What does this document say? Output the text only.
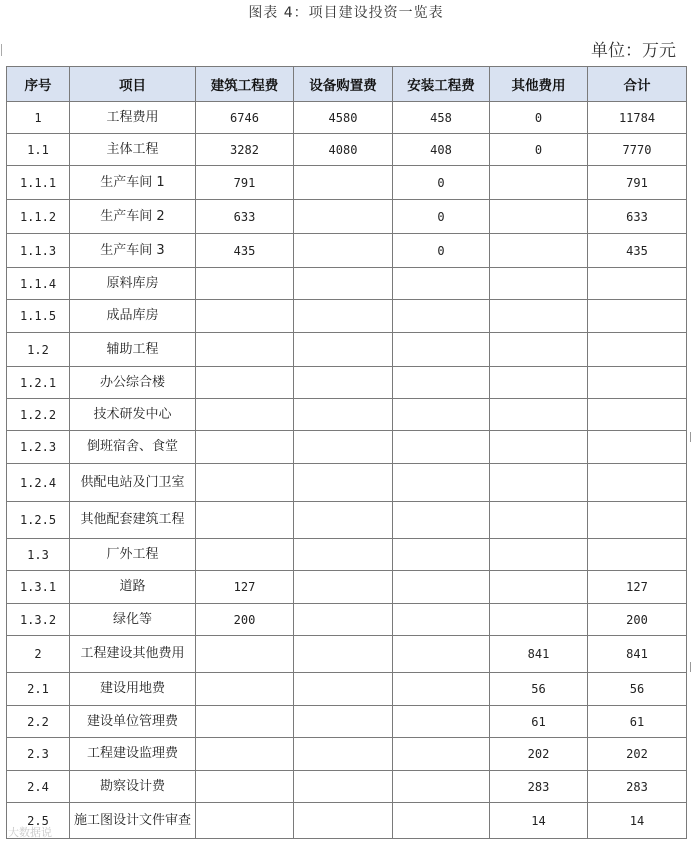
图表 4：项目建设投资一览表
单位：万元
序号	项目	建筑工程费	设备购置费	安装工程费	其他费用	合计
1	工程费用	6746	4580	458	0	11784
1.1	主体工程	3282	4080	408	0	7770
1.1.1	生产车间 1	791		0		791
1.1.2	生产车间 2	633		0		633
1.1.3	生产车间 3	435		0		435
1.1.4	原料库房					
1.1.5	成品库房					
1.2	辅助工程					
1.2.1	办公综合楼					
1.2.2	技术研发中心					
1.2.3	倒班宿舍、食堂					
1.2.4	供配电站及门卫室					
1.2.5	其他配套建筑工程					
1.3	厂外工程					
1.3.1	道路	127				127
1.3.2	绿化等	200				200
2	工程建设其他费用				841	841
2.1	建设用地费				56	56
2.2	建设单位管理费				61	61
2.3	工程建设监理费				202	202
2.4	勘察设计费				283	283
2.5	施工图设计文件审查				14	14
大数据说
